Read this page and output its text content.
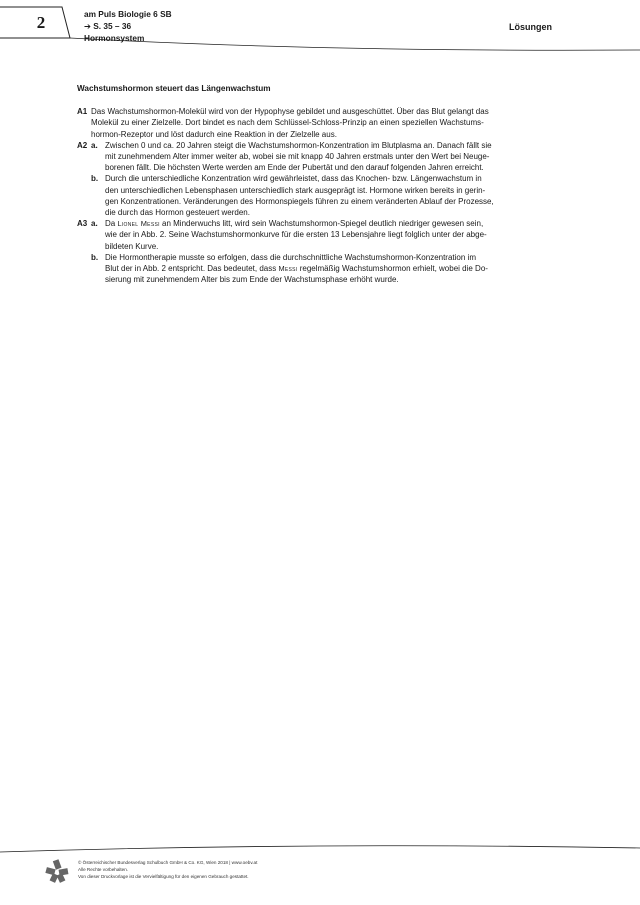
2	am Puls Biologie 6 SB
➔ S. 35 – 36
Hormonsystem
Lösungen
Wachstumshormon steuert das Längenwachstum
A1 Das Wachstumshormon-Molekül wird von der Hypophyse gebildet und ausgeschüttet. Über das Blut gelangt das
Molekül zu einer Zielzelle. Dort bindet es nach dem Schlüssel-Schloss-Prinzip an einen speziellen Wachstums-
hormon-Rezeptor und löst dadurch eine Reaktion in der Zielzelle aus.
A2 a. Zwischen 0 und ca. 20 Jahren steigt die Wachstumshormon-Konzentration im Blutplasma an. Danach fällt sie
mit zunehmendem Alter immer weiter ab, wobei sie mit knapp 40 Jahren erstmals unter den Wert bei Neuge-
borenen fällt. Die höchsten Werte werden am Ende der Pubertät und den darauf folgenden Jahren erreicht.
b. Durch die unterschiedliche Konzentration wird gewährleistet, dass das Knochen- bzw. Längenwachstum in
den unterschiedlichen Lebensphasen unterschiedlich stark ausgeprägt ist. Hormone wirken bereits in gerin-
gen Konzentrationen. Veränderungen des Hormonspiegels führen zu einem veränderten Ablauf der Prozesse,
die durch das Hormon gesteuert werden.
A3 a. Da Lionel Messi an Minderwuchs litt, wird sein Wachstumshormon-Spiegel deutlich niedriger gewesen sein,
wie der in Abb. 2. Seine Wachstumshormonkurve für die ersten 13 Lebensjahre liegt folglich unter der abge-
bildeten Kurve.
b. Die Hormontherapie musste so erfolgen, dass die durchschnittliche Wachstumshormon-Konzentration im
Blut der in Abb. 2 entspricht. Das bedeutet, dass Messi regelmäßig Wachstumshormon erhielt, wobei die Do-
sierung mit zunehmendem Alter bis zum Ende der Wachstumsphase erhöht wurde.
© Österreichischer Bundesverlag Schulbuch GmbH & Co. KG, Wien 2018 | www.oebv.at
Alle Rechte vorbehalten.
Von dieser Druckvorlage ist die Vervielfältigung für den eigenen Gebrauch gestattet.
